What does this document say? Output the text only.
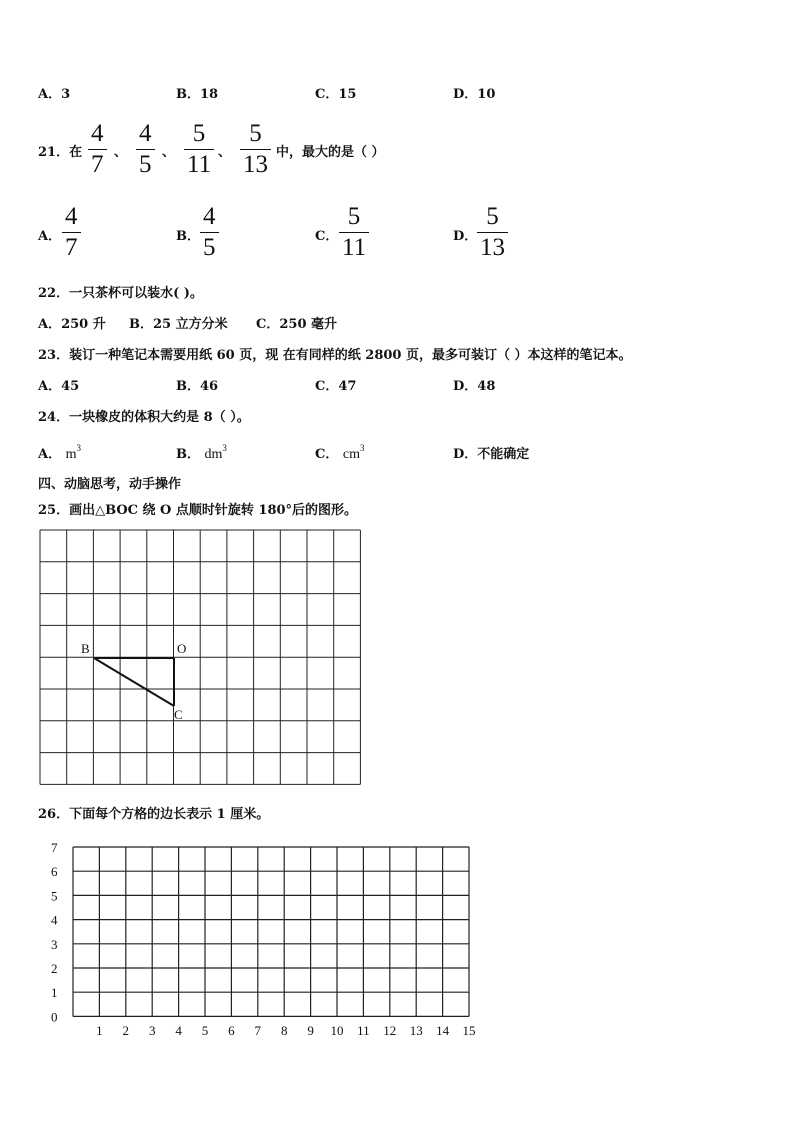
A．3	B．18	C．15	D．10
21．在
4
7 、
4
5 、
5
11 、
5
13 中，最大的是（ ）
A．
4
7	B．
4
5	C．
5
11	D．
5
13
22．一只茶杯可以装水( )。
A．250 升 B．25 立方分米 C．250 毫升
23．装订一种笔记本需要用纸 60 页，现 在有同样的纸 2800 页，最多可装订（ ）本这样的笔记本。
A．45	B．46	C．47	D．48
24．一块橡皮的体积大约是 8（ ）。
A． $m^3$	B． $dm^3$	C． $cm^3$	D．不能确定
四、动脑思考，动手操作
25．画出△BOC 绕 O 点顺时针旋转 180°后的图形。
B	O
C
7
6
5
4
3
2
1
0
1 2 3 4 5 6 7 8 9 10 11 12 13 14 15
26．下面每个方格的边长表示 1 厘米。
